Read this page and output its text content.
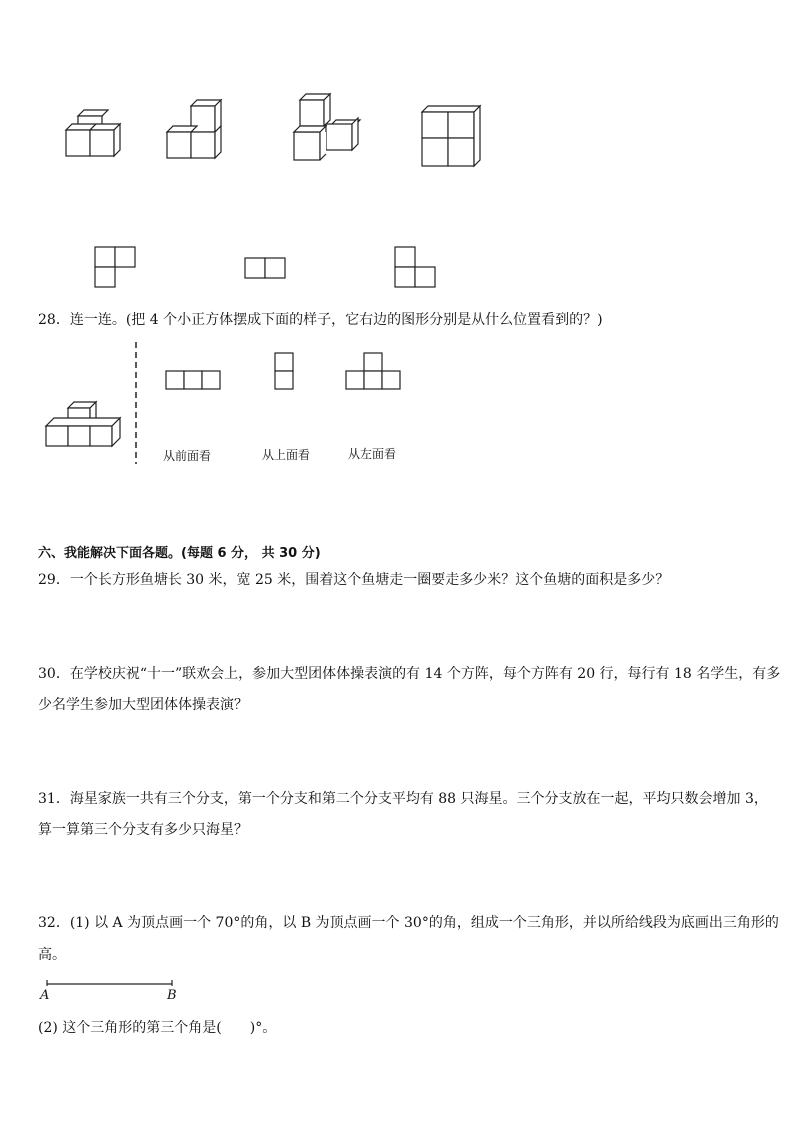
28．连一连。(把 4 个小正方体摆成下面的样子，它右边的图形分别是从什么位置看到的？)
从前面看	从上面看	从左面看
六、我能解决下面各题。(每题 6 分， 共 30 分)
29．一个长方形鱼塘长 30 米，宽 25 米，围着这个鱼塘走一圈要走多少米？这个鱼塘的面积是多少？
30．在学校庆祝“十一”联欢会上，参加大型团体体操表演的有 14 个方阵，每个方阵有 20 行，每行有 18 名学生，有多
少名学生参加大型团体体操表演？
31．海星家族一共有三个分支，第一个分支和第二个分支平均有 88 只海星。三个分支放在一起，平均只数会增加 3，
算一算第三个分支有多少只海星？
32．(1) 以 A 为顶点画一个 70°的角，以 B 为顶点画一个 30°的角，组成一个三角形，并以所给线段为底画出三角形的
高。
A	B
(2) 这个三角形的第三个角是(　　)°。
